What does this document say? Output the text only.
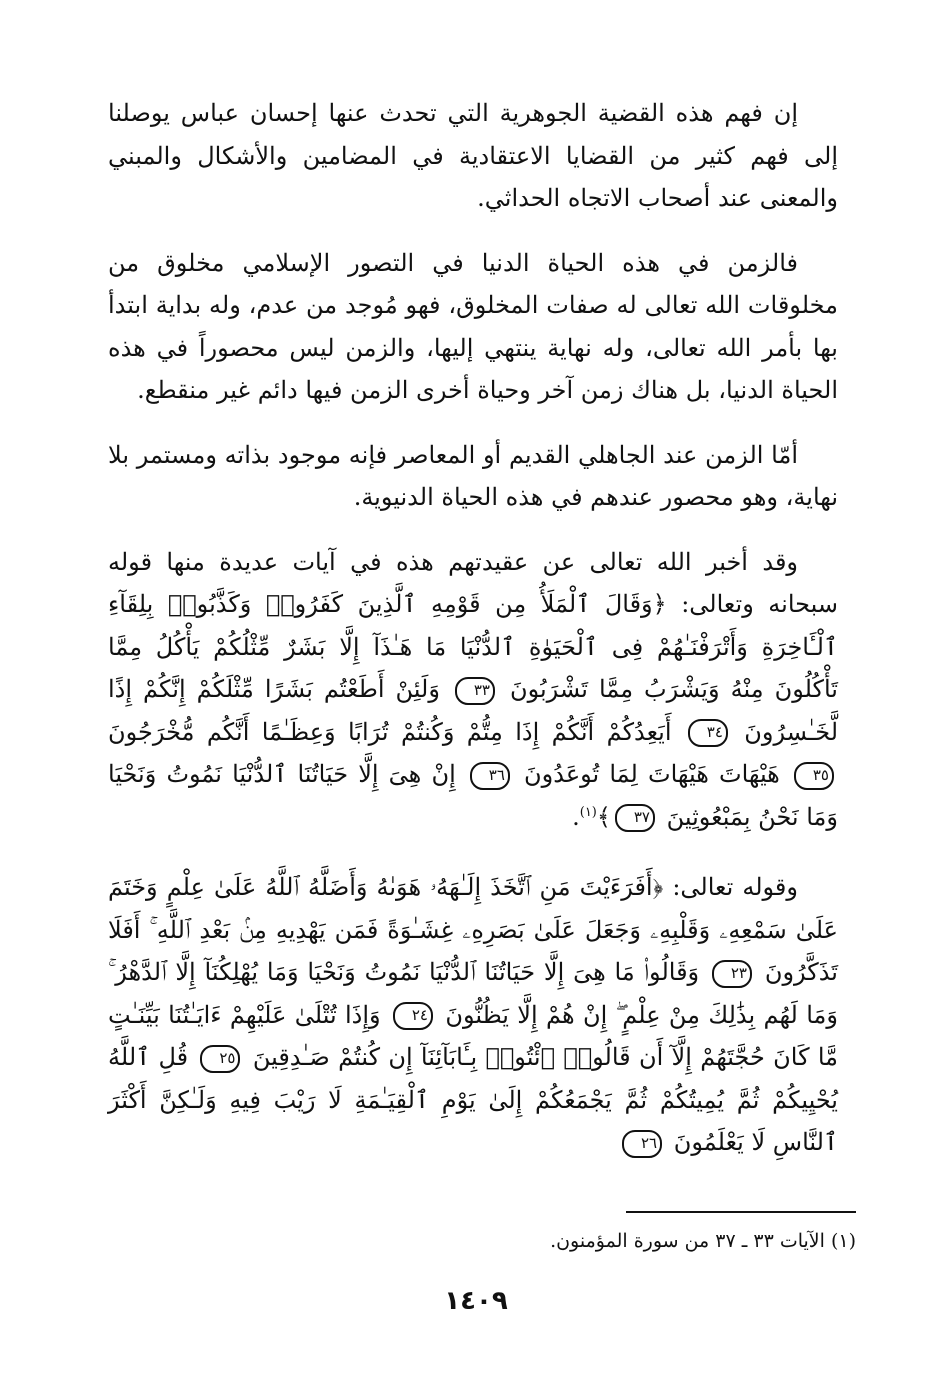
إن فهم هذه القضية الجوهرية التي تحدث عنها إحسان عباس يوصلنا إلى فهم كثير من القضايا الاعتقادية في المضامين والأشكال والمبني والمعنى عند أصحاب الاتجاه الحداثي.

فالزمن في هذه الحياة الدنيا في التصور الإسلامي مخلوق من مخلوقات الله تعالى له صفات المخلوق، فهو مُوجد من عدم، وله بداية ابتدأ بها بأمر الله تعالى، وله نهاية ينتهي إليها، والزمن ليس محصوراً في هذه الحياة الدنيا، بل هناك زمن آخر وحياة أخرى الزمن فيها دائم غير منقطع.

أمّا الزمن عند الجاهلي القديم أو المعاصر فإنه موجود بذاته ومستمر بلا نهاية، وهو محصور عندهم في هذه الحياة الدنيوية.

وقد أخبر الله تعالى عن عقيدتهم هذه في آيات عديدة منها قوله سبحانه وتعالى: ﴿وَقَالَ ٱلْمَلَأُ مِن قَوْمِهِ ٱلَّذِينَ كَفَرُوا۟ وَكَذَّبُوا۟ بِلِقَآءِ ٱلْـَٔاخِرَةِ وَأَتْرَفْنَـٰهُمْ فِى ٱلْحَيَوٰةِ ٱلدُّنْيَا مَا هَـٰذَآ إِلَّا بَشَرٌ مِّثْلُكُمْ يَأْكُلُ مِمَّا تَأْكُلُونَ مِنْهُ وَيَشْرَبُ مِمَّا تَشْرَبُونَ ٣٣ وَلَئِنْ أَطَعْتُم بَشَرًا مِّثْلَكُمْ إِنَّكُمْ إِذًا لَّخَـٰسِرُونَ ٣٤ أَيَعِدُكُمْ أَنَّكُمْ إِذَا مِتُّمْ وَكُنتُمْ تُرَابًا وَعِظَـٰمًا أَنَّكُم مُّخْرَجُونَ ٣٥ هَيْهَاتَ هَيْهَاتَ لِمَا تُوعَدُونَ ٣٦ إِنْ هِىَ إِلَّا حَيَاتُنَا ٱلدُّنْيَا نَمُوتُ وَنَحْيَا وَمَا نَحْنُ بِمَبْعُوثِينَ ٣٧﴾$^{(١)}$.

وقوله تعالى: ﴿أَفَرَءَيْتَ مَنِ ٱتَّخَذَ إِلَـٰهَهُۥ هَوَىٰهُ وَأَضَلَّهُ ٱللَّهُ عَلَىٰ عِلْمٍ وَخَتَمَ عَلَىٰ سَمْعِهِۦ وَقَلْبِهِۦ وَجَعَلَ عَلَىٰ بَصَرِهِۦ غِشَـٰوَةً فَمَن يَهْدِيهِ مِنۢ بَعْدِ ٱللَّهِ ۚ أَفَلَا تَذَكَّرُونَ ٢٣ وَقَالُوا۟ مَا هِىَ إِلَّا حَيَاتُنَا ٱلدُّنْيَا نَمُوتُ وَنَحْيَا وَمَا يُهْلِكُنَآ إِلَّا ٱلدَّهْرُ ۚ وَمَا لَهُم بِذَٰلِكَ مِنْ عِلْمٍ ۖ إِنْ هُمْ إِلَّا يَظُنُّونَ ٢٤ وَإِذَا تُتْلَىٰ عَلَيْهِمْ ءَايَـٰتُنَا بَيِّنَـٰتٍ مَّا كَانَ حُجَّتَهُمْ إِلَّآ أَن قَالُوا۟ ٱئْتُوا۟ بِـَٔابَآئِنَآ إِن كُنتُمْ صَـٰدِقِينَ ٢٥ قُلِ ٱللَّهُ يُحْيِيكُمْ ثُمَّ يُمِيتُكُمْ ثُمَّ يَجْمَعُكُمْ إِلَىٰ يَوْمِ ٱلْقِيَـٰمَةِ لَا رَيْبَ فِيهِ وَلَـٰكِنَّ أَكْثَرَ ٱلنَّاسِ لَا يَعْلَمُونَ ٢٦

(١) الآيات ٣٣ ـ ٣٧ من سورة المؤمنون.
١٤٠٩
